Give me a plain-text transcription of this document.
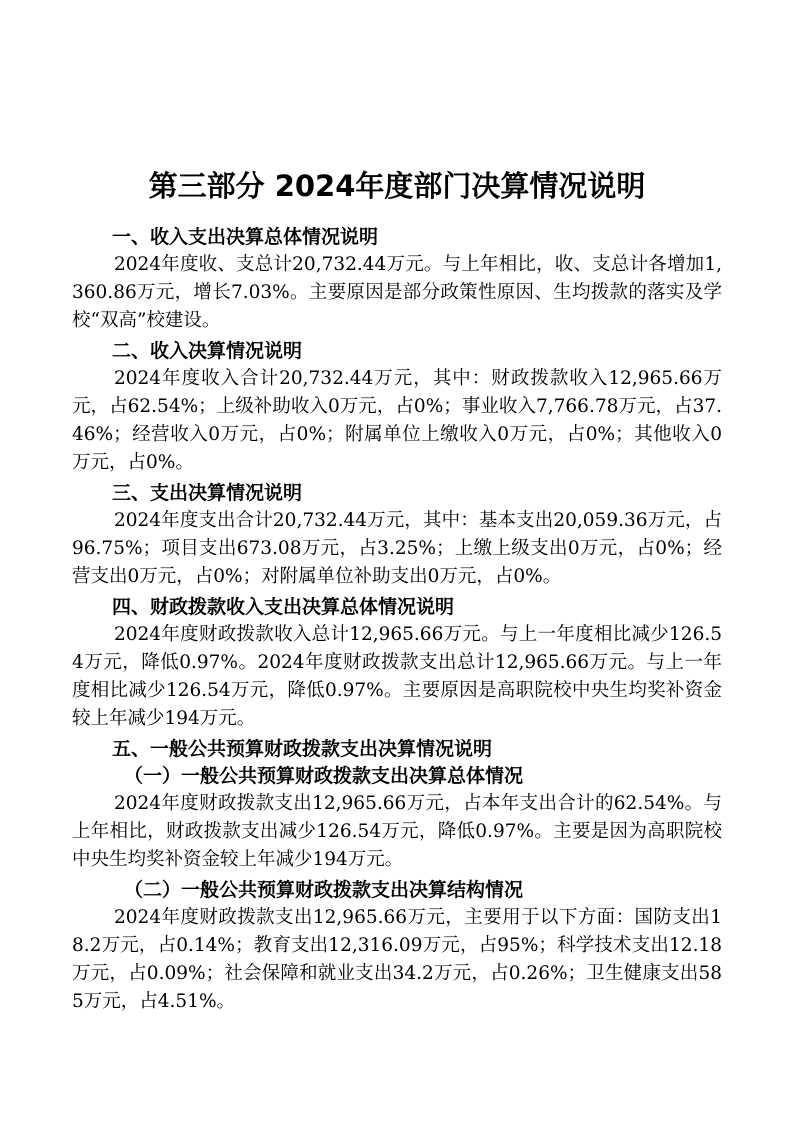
第三部分 2024年度部门决算情况说明
一、收入支出决算总体情况说明

2024年度收、支总计20,732.44万元。与上年相比，收、支总计各增加1,360.86万元，增长7.03%。主要原因是部分政策性原因、生均拨款的落实及学校“双高”校建设。

二、收入决算情况说明

2024年度收入合计20,732.44万元，其中：财政拨款收入12,965.66万元，占62.54%；上级补助收入0万元，占0%；事业收入7,766.78万元，占37.46%；经营收入0万元，占0%；附属单位上缴收入0万元，占0%；其他收入0万元，占0%。

三、支出决算情况说明

2024年度支出合计20,732.44万元，其中：基本支出20,059.36万元，占96.75%；项目支出673.08万元，占3.25%；上缴上级支出0万元，占0%；经营支出0万元，占0%；对附属单位补助支出0万元，占0%。

四、财政拨款收入支出决算总体情况说明

2024年度财政拨款收入总计12,965.66万元。与上一年度相比减少126.54万元，降低0.97%。2024年度财政拨款支出总计12,965.66万元。与上一年度相比减少126.54万元，降低0.97%。主要原因是高职院校中央生均奖补资金较上年减少194万元。

五、一般公共预算财政拨款支出决算情况说明
（一）一般公共预算财政拨款支出决算总体情况

2024年度财政拨款支出12,965.66万元，占本年支出合计的62.54%。与上年相比，财政拨款支出减少126.54万元，降低0.97%。主要是因为高职院校中央生均奖补资金较上年减少194万元。

（二）一般公共预算财政拨款支出决算结构情况

2024年度财政拨款支出12,965.66万元，主要用于以下方面：国防支出18.2万元，占0.14%；教育支出12,316.09万元，占95%；科学技术支出12.18万元，占0.09%；社会保障和就业支出34.2万元，占0.26%；卫生健康支出585万元，占4.51%。
